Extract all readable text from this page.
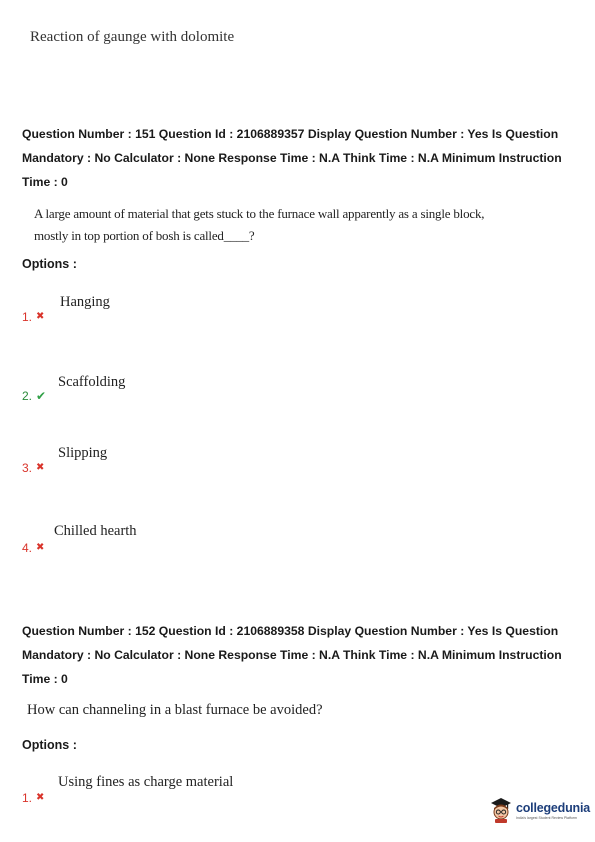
Reaction of gaunge with dolomite
Question Number : 151 Question Id : 2106889357 Display Question Number : Yes Is Question
Mandatory : No Calculator : None Response Time : N.A Think Time : N.A Minimum Instruction
Time : 0
A large amount of material that gets stuck to the furnace wall apparently as a single block,
mostly in top portion of bosh is called____?
Options :
Hanging
1. ✖
Scaffolding
2. ✔
Slipping
3. ✖
Chilled hearth
4. ✖
Question Number : 152 Question Id : 2106889358 Display Question Number : Yes Is Question
Mandatory : No Calculator : None Response Time : N.A Think Time : N.A Minimum Instruction
Time : 0
How can channeling in a blast furnace be avoided?
Options :
Using fines as charge material
1. ✖
collegedunia
India's largest Student Review Platform
